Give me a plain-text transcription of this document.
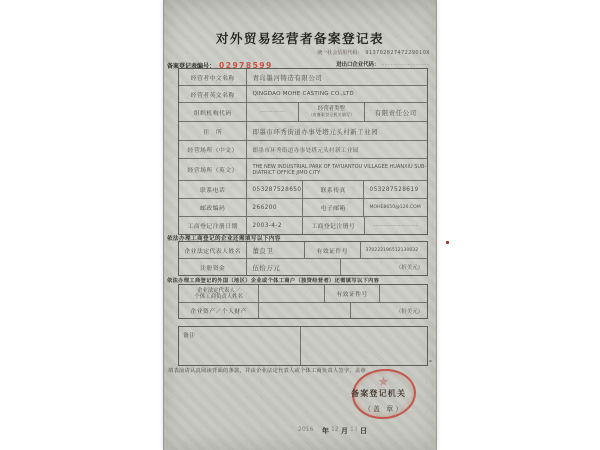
对外贸易经营者备案登记表
统一社会信用代码： 91370282747229010X
进出口企业代码： -----------------
备案登记表编号： 02978599
经营者中文名称	青岛墨河铸造有限公司
经营者英文名称	QINGDAO MOHE CASTING CO.,LTD
组织机构代码	----------	经营者类型
（由备案登记机关填写）	有限责任公司
住　所	即墨市环秀街道办事处塔元头村新工业园
经营场所（中文）	即墨市环秀街道办事处塔元头村新工业园
经营场所（英文）
THE NEW INDUSTRIAL PARK OF TAYUANTOU VILLAGEE HUANXIU SUB-DIATRICT OFFICE JIMO CITY
联系电话	053287528650	联系传真	053287528619
邮政编码	266200	电子邮箱	MOHE8650@126.COM
工商登记注册日期	2003-4-2	工商登记注册号	------------------
依法办理工商登记的企业还需填写以下内容
企业法定代表人姓名	董良卫	有效证件号	370222196512130032
注册资金	伍拾万元	（折美元）
依法办理工商登记的外国（地区）企业或个体工商户（独资经营者）还需填写以下内容
企业法定代表人／
个体工商负责人姓名	有效证件号
企业资产／个人财产	（折美元）
备注
填表前请认真阅读背面的条款，并由企业法定代表人或个体工商负责人签字、盖章
备案登记机关
（盖 章）
2016 年 12 月 13 日
